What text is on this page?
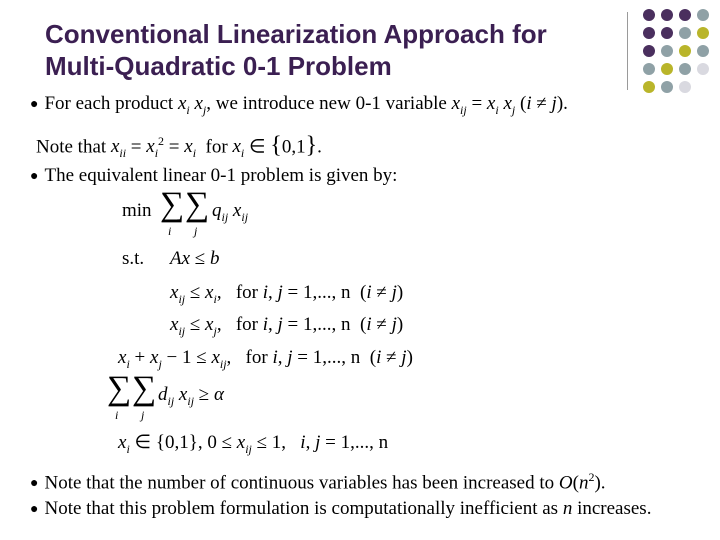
Conventional Linearization Approach for
Multi-Quadratic 0-1 Problem
● For each product $x_i$ $x_j$, we introduce new 0-1 variable $x_{ij} = x_i$ $x_j$ (i ≠ j).
Note that $x_{ii} = x_i^2 = x_i$ for $x_i$ ∈ {0,1}.
● The equivalent linear 0-1 problem is given by:
min ∑ ∑
i j
$q_{ij}$ $x_{ij}$
s.t. Ax ≤ b
$x_{ij} \le x_i$,   for i, j = 1,..., n  (i ≠ j)
$x_{ij} \le x_j$,   for i, j = 1,..., n  (i ≠ j)
$x_i + x_j - 1 \le x_{ij}$,   for i, j = 1,..., n  (i ≠ j)
∑ ∑
i j
$d_{ij}$ $x_{ij} \ge \alpha$
$x_i$ ∈ {0,1}, $0 \le x_{ij} \le 1$,   i, j = 1,..., n
● Note that the number of continuous variables has been increased to $O(n^2)$.
● Note that this problem formulation is computationally inefficient as n increases.
